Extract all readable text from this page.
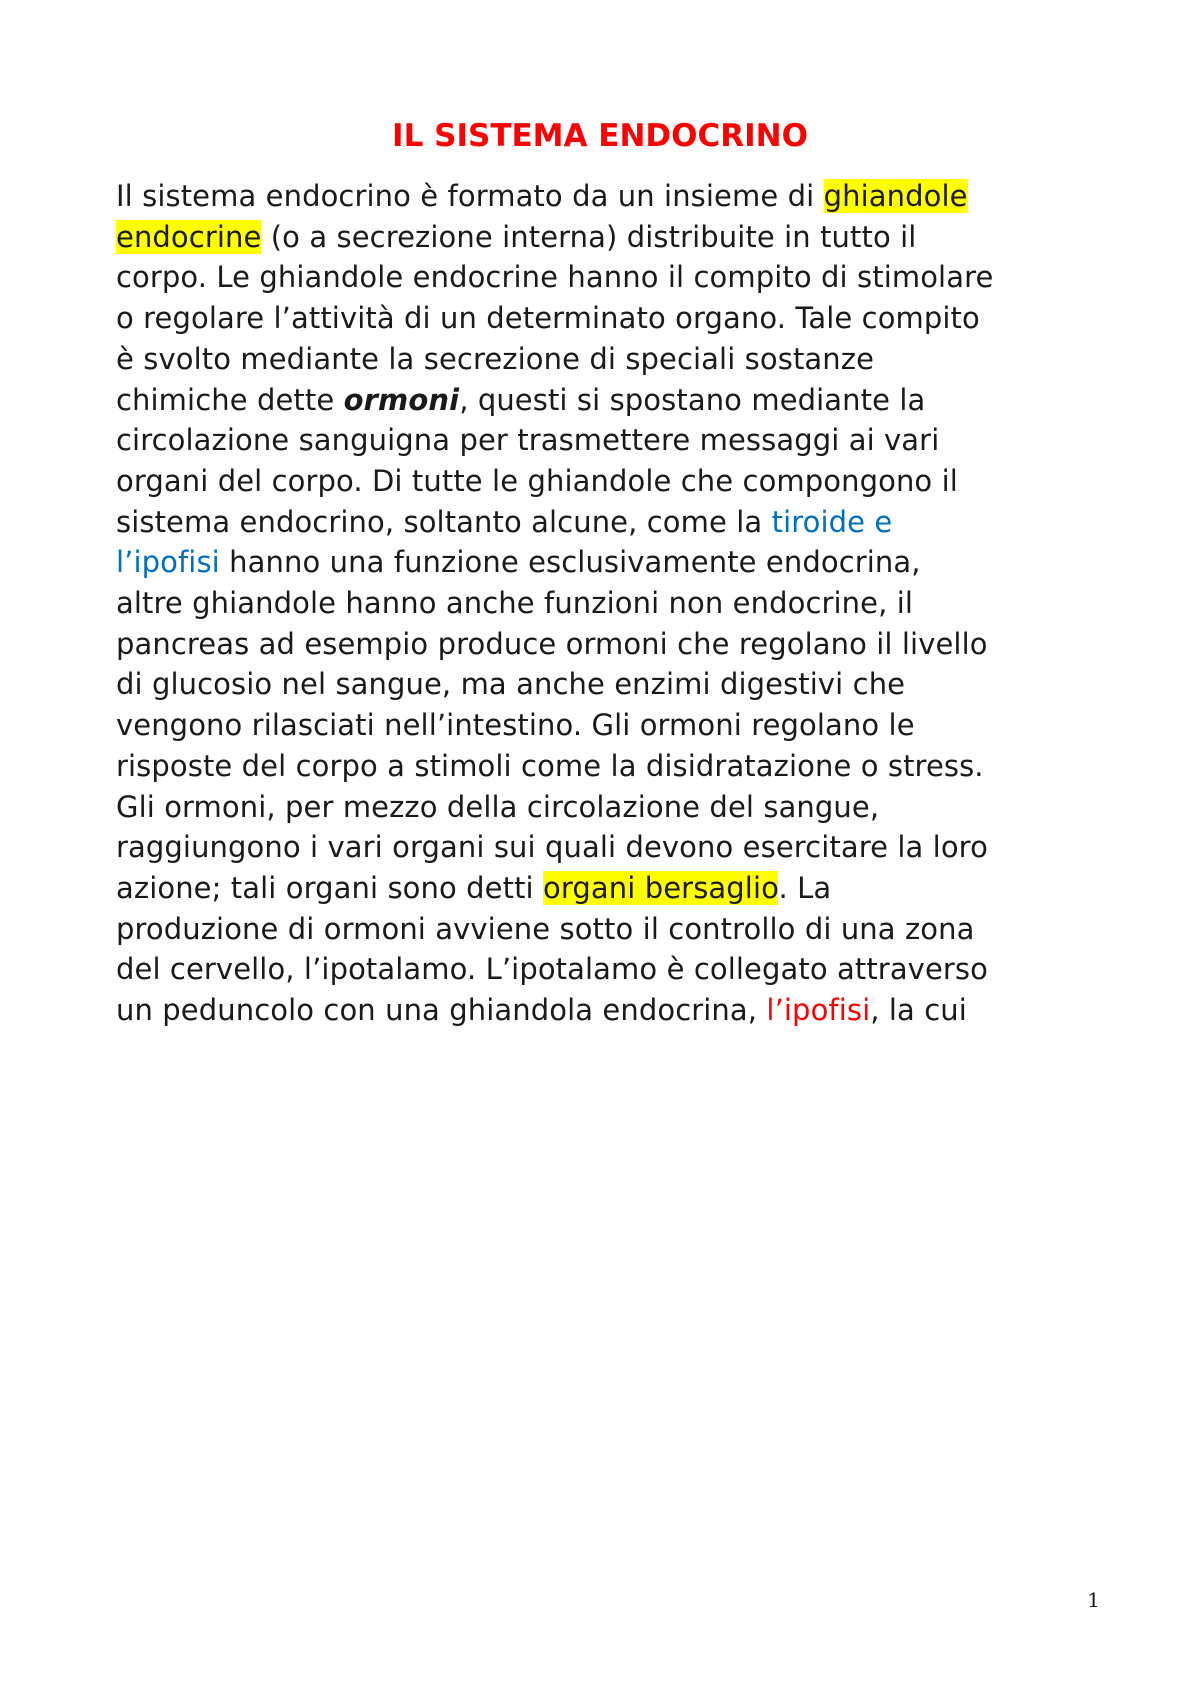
IL SISTEMA ENDOCRINO
Il sistema endocrino è formato da un insieme di ghiandole
endocrine (o a secrezione interna) distribuite in tutto il
corpo. Le ghiandole endocrine hanno il compito di stimolare
o regolare l’attività di un determinato organo. Tale compito
è svolto mediante la secrezione di speciali sostanze
chimiche dette ormoni, questi si spostano mediante la
circolazione sanguigna per trasmettere messaggi ai vari
organi del corpo. Di tutte le ghiandole che compongono il
sistema endocrino, soltanto alcune, come la tiroide e
l’ipofisi hanno una funzione esclusivamente endocrina,
altre ghiandole hanno anche funzioni non endocrine, il
pancreas ad esempio produce ormoni che regolano il livello
di glucosio nel sangue, ma anche enzimi digestivi che
vengono rilasciati nell’intestino. Gli ormoni regolano le
risposte del corpo a stimoli come la disidratazione o stress.
Gli ormoni, per mezzo della circolazione del sangue,
raggiungono i vari organi sui quali devono esercitare la loro
azione; tali organi sono detti organi bersaglio. La
produzione di ormoni avviene sotto il controllo di una zona
del cervello, l’ipotalamo. L’ipotalamo è collegato attraverso
un peduncolo con una ghiandola endocrina, l’ipofisi, la cui
1
